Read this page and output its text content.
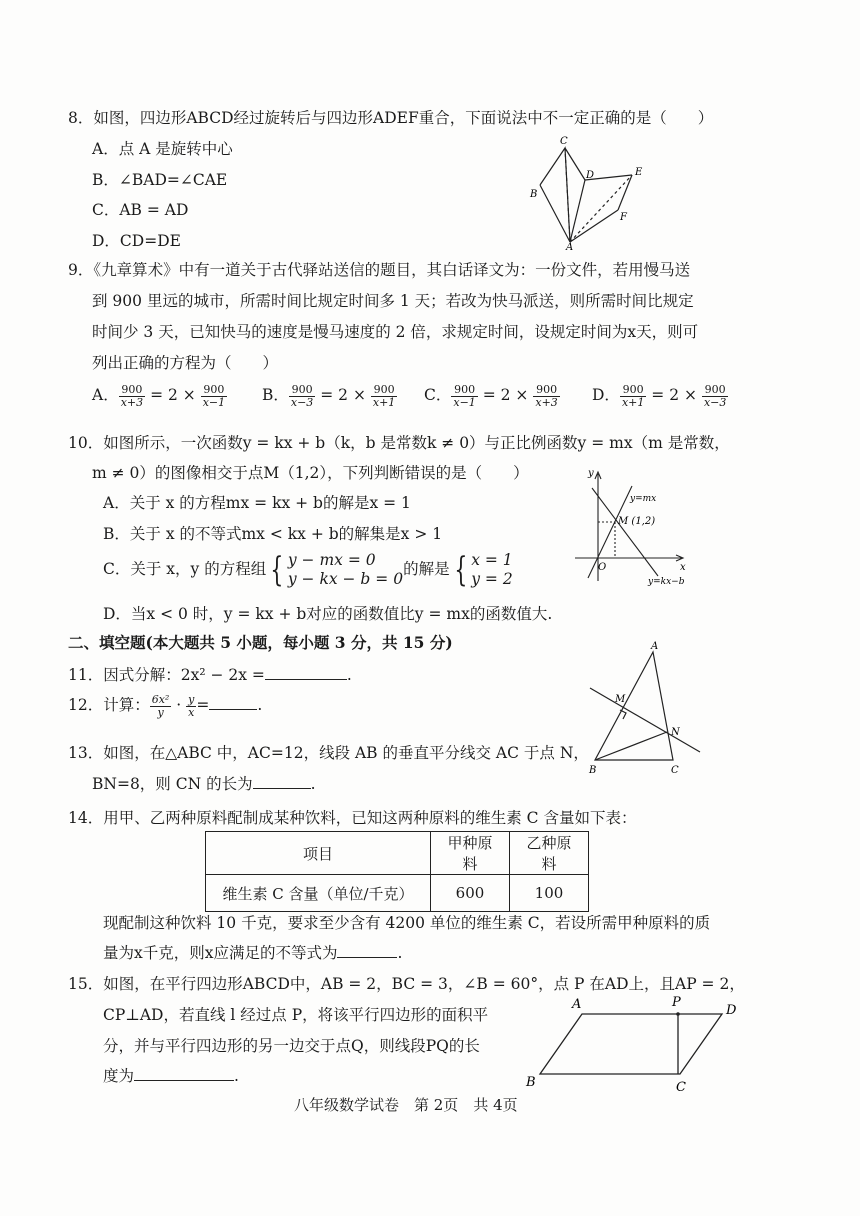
8．如图，四边形ABCD经过旋转后与四边形ADEF重合，下面说法中不一定正确的是（　　）
A．点 A 是旋转中心
B．∠BAD=∠CAE
C．AB = AD
D．CD=DE
C
D	E
B
F
A
9．《九章算术》中有一道关于古代驿站送信的题目，其白话译文为：一份文件，若用慢马送
到 900 里远的城市，所需时间比规定时间多 1 天；若改为快马派送，则所需时间比规定
时间少 3 天，已知快马的速度是慢马速度的 2 倍，求规定时间，设规定时间为x天，则可
列出正确的方程为（　　）
A． $\frac{900}{x+3} = 2 \times \frac{900}{x-1}$ B． $\frac{900}{x-3} = 2 \times \frac{900}{x+1}$ C． $\frac{900}{x-1} = 2 \times \frac{900}{x+3}$ D． $\frac{900}{x+1} = 2 \times \frac{900}{x-3}$
10．如图所示，一次函数y = kx + b（k，b 是常数k ≠ 0）与正比例函数y = mx（m 是常数，
m ≠ 0）的图像相交于点M（1,2），下列判断错误的是（　　）
A．关于 x 的方程mx = kx + b的解是x = 1
B．关于 x 的不等式mx < kx + b的解集是x > 1
C．关于 x，y 的方程组 { y − mx = 0
y − kx − b = 0
的解是 { x = 1
y = 2
D．当x < 0 时，y = kx + b对应的函数值比y = mx的函数值大.
y
x
O
M (1,2)
y=mx
y=kx−b
二、填空题(本大题共 5 小题，每小题 3 分，共 15 分)
11．因式分解：2x² − 2x =	.
12．计算： $\frac{\text{6x²}}{y} \cdot \frac{y}{x}$ =	.
13．如图，在△ABC 中，AC=12，线段 AB 的垂直平分线交 AC 于点 N，
BN=8，则 CN 的长为	.
A
M
N
B	C
14．用甲、乙两种原料配制成某种饮料，已知这两种原料的维生素 C 含量如下表：
项目	甲种原料	乙种原料
维生素 C 含量（单位/千克）	600	100
现配制这种饮料 10 千克，要求至少含有 4200 单位的维生素 C，若设所需甲种原料的质
量为x千克，则x应满足的不等式为	.
15．如图，在平行四边形ABCD中，AB = 2，BC = 3，∠B = 60°，点 P 在AD上，且AP = 2，
CP⊥AD，若直线 l 经过点 P，将该平行四边形的面积平
分，并与平行四边形的另一边交于点Q，则线段PQ的长
度为	.
A	P
D
B	C
八年级数学试卷　第 2页　共 4页
